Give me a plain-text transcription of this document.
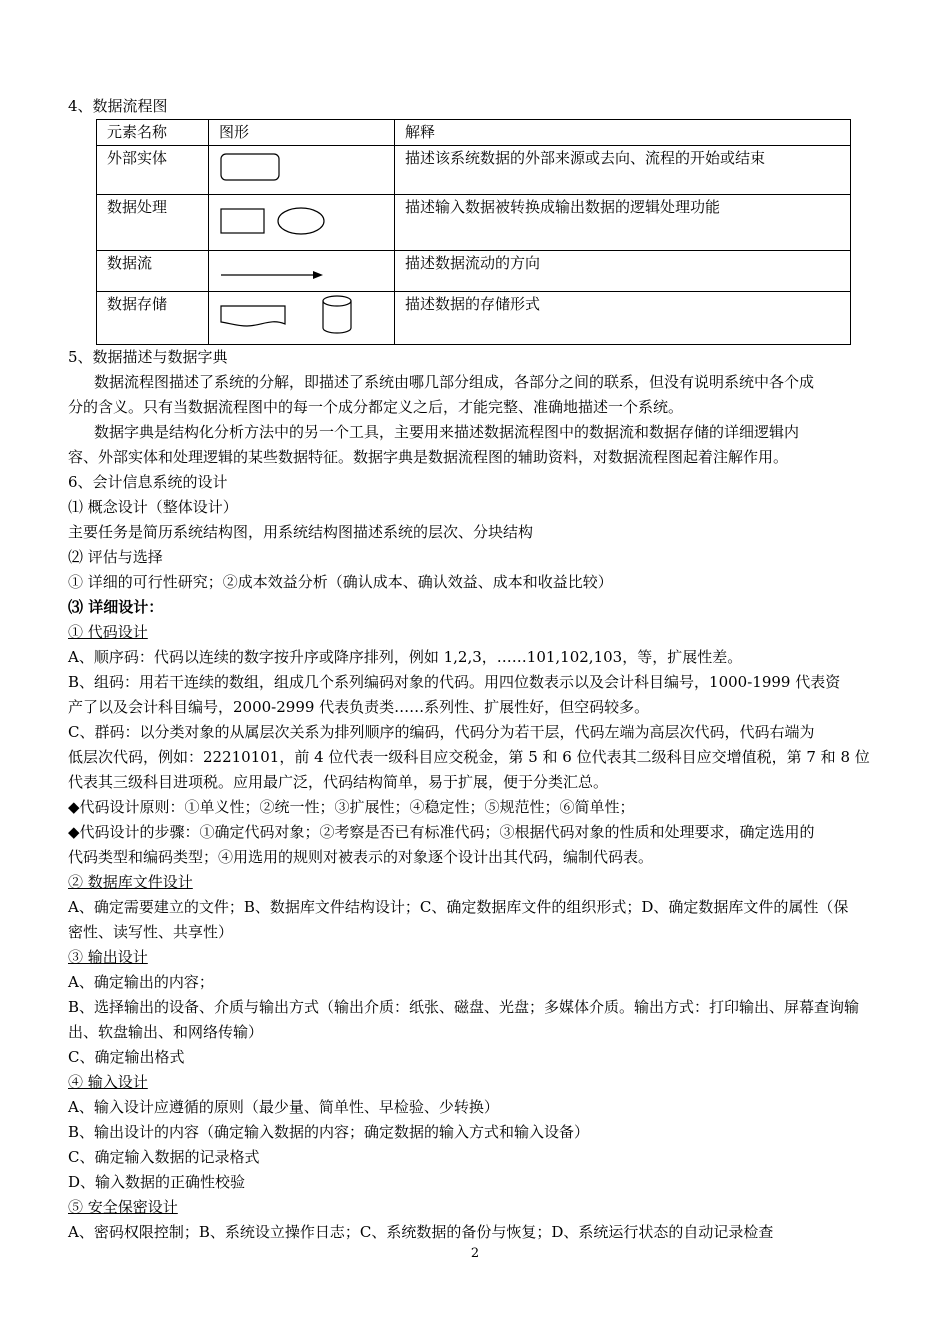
4、数据流程图

元素名称	图形	解释
外部实体		描述该系统数据的外部来源或去向、流程的开始或结束
数据处理		描述输入数据被转换成输出数据的逻辑处理功能
数据流		描述数据流动的方向
数据存储		描述数据的存储形式

5、数据描述与数据字典

数据流程图描述了系统的分解，即描述了系统由哪几部分组成，各部分之间的联系，但没有说明系统中各个成

分的含义。只有当数据流程图中的每一个成分都定义之后，才能完整、准确地描述一个系统。

数据字典是结构化分析方法中的另一个工具，主要用来描述数据流程图中的数据流和数据存储的详细逻辑内

容、外部实体和处理逻辑的某些数据特征。数据字典是数据流程图的辅助资料，对数据流程图起着注解作用。

6、会计信息系统的设计

⑴ 概念设计（整体设计）

主要任务是简历系统结构图，用系统结构图描述系统的层次、分块结构

⑵ 评估与选择

① 详细的可行性研究；②成本效益分析（确认成本、确认效益、成本和收益比较）

⑶ 详细设计：

① 代码设计

A、顺序码：代码以连续的数字按升序或降序排列，例如 1,2,3，……101,102,103，等，扩展性差。

B、组码：用若干连续的数组，组成几个系列编码对象的代码。用四位数表示以及会计科目编号，1000-1999 代表资

产了以及会计科目编号，2000-2999 代表负责类……系列性、扩展性好，但空码较多。

C、群码：以分类对象的从属层次关系为排列顺序的编码，代码分为若干层，代码左端为高层次代码，代码右端为

低层次代码，例如：22210101，前 4 位代表一级科目应交税金，第 5 和 6 位代表其二级科目应交增值税，第 7 和 8 位

代表其三级科目进项税。应用最广泛，代码结构简单，易于扩展，便于分类汇总。

◆代码设计原则：①单义性；②统一性；③扩展性；④稳定性；⑤规范性；⑥简单性；

◆代码设计的步骤：①确定代码对象；②考察是否已有标准代码；③根据代码对象的性质和处理要求，确定选用的

代码类型和编码类型；④用选用的规则对被表示的对象逐个设计出其代码，编制代码表。

② 数据库文件设计

A、确定需要建立的文件；B、数据库文件结构设计；C、确定数据库文件的组织形式；D、确定数据库文件的属性（保

密性、读写性、共享性）

③ 输出设计

A、确定输出的内容；

B、选择输出的设备、介质与输出方式（输出介质：纸张、磁盘、光盘；多媒体介质。输出方式：打印输出、屏幕查询输

出、软盘输出、和网络传输）

C、确定输出格式

④ 输入设计

A、输入设计应遵循的原则（最少量、简单性、早检验、少转换）

B、输出设计的内容（确定输入数据的内容；确定数据的输入方式和输入设备）

C、确定输入数据的记录格式

D、输入数据的正确性校验

⑤ 安全保密设计

A、密码权限控制；B、系统设立操作日志；C、系统数据的备份与恢复；D、系统运行状态的自动记录检查

2
